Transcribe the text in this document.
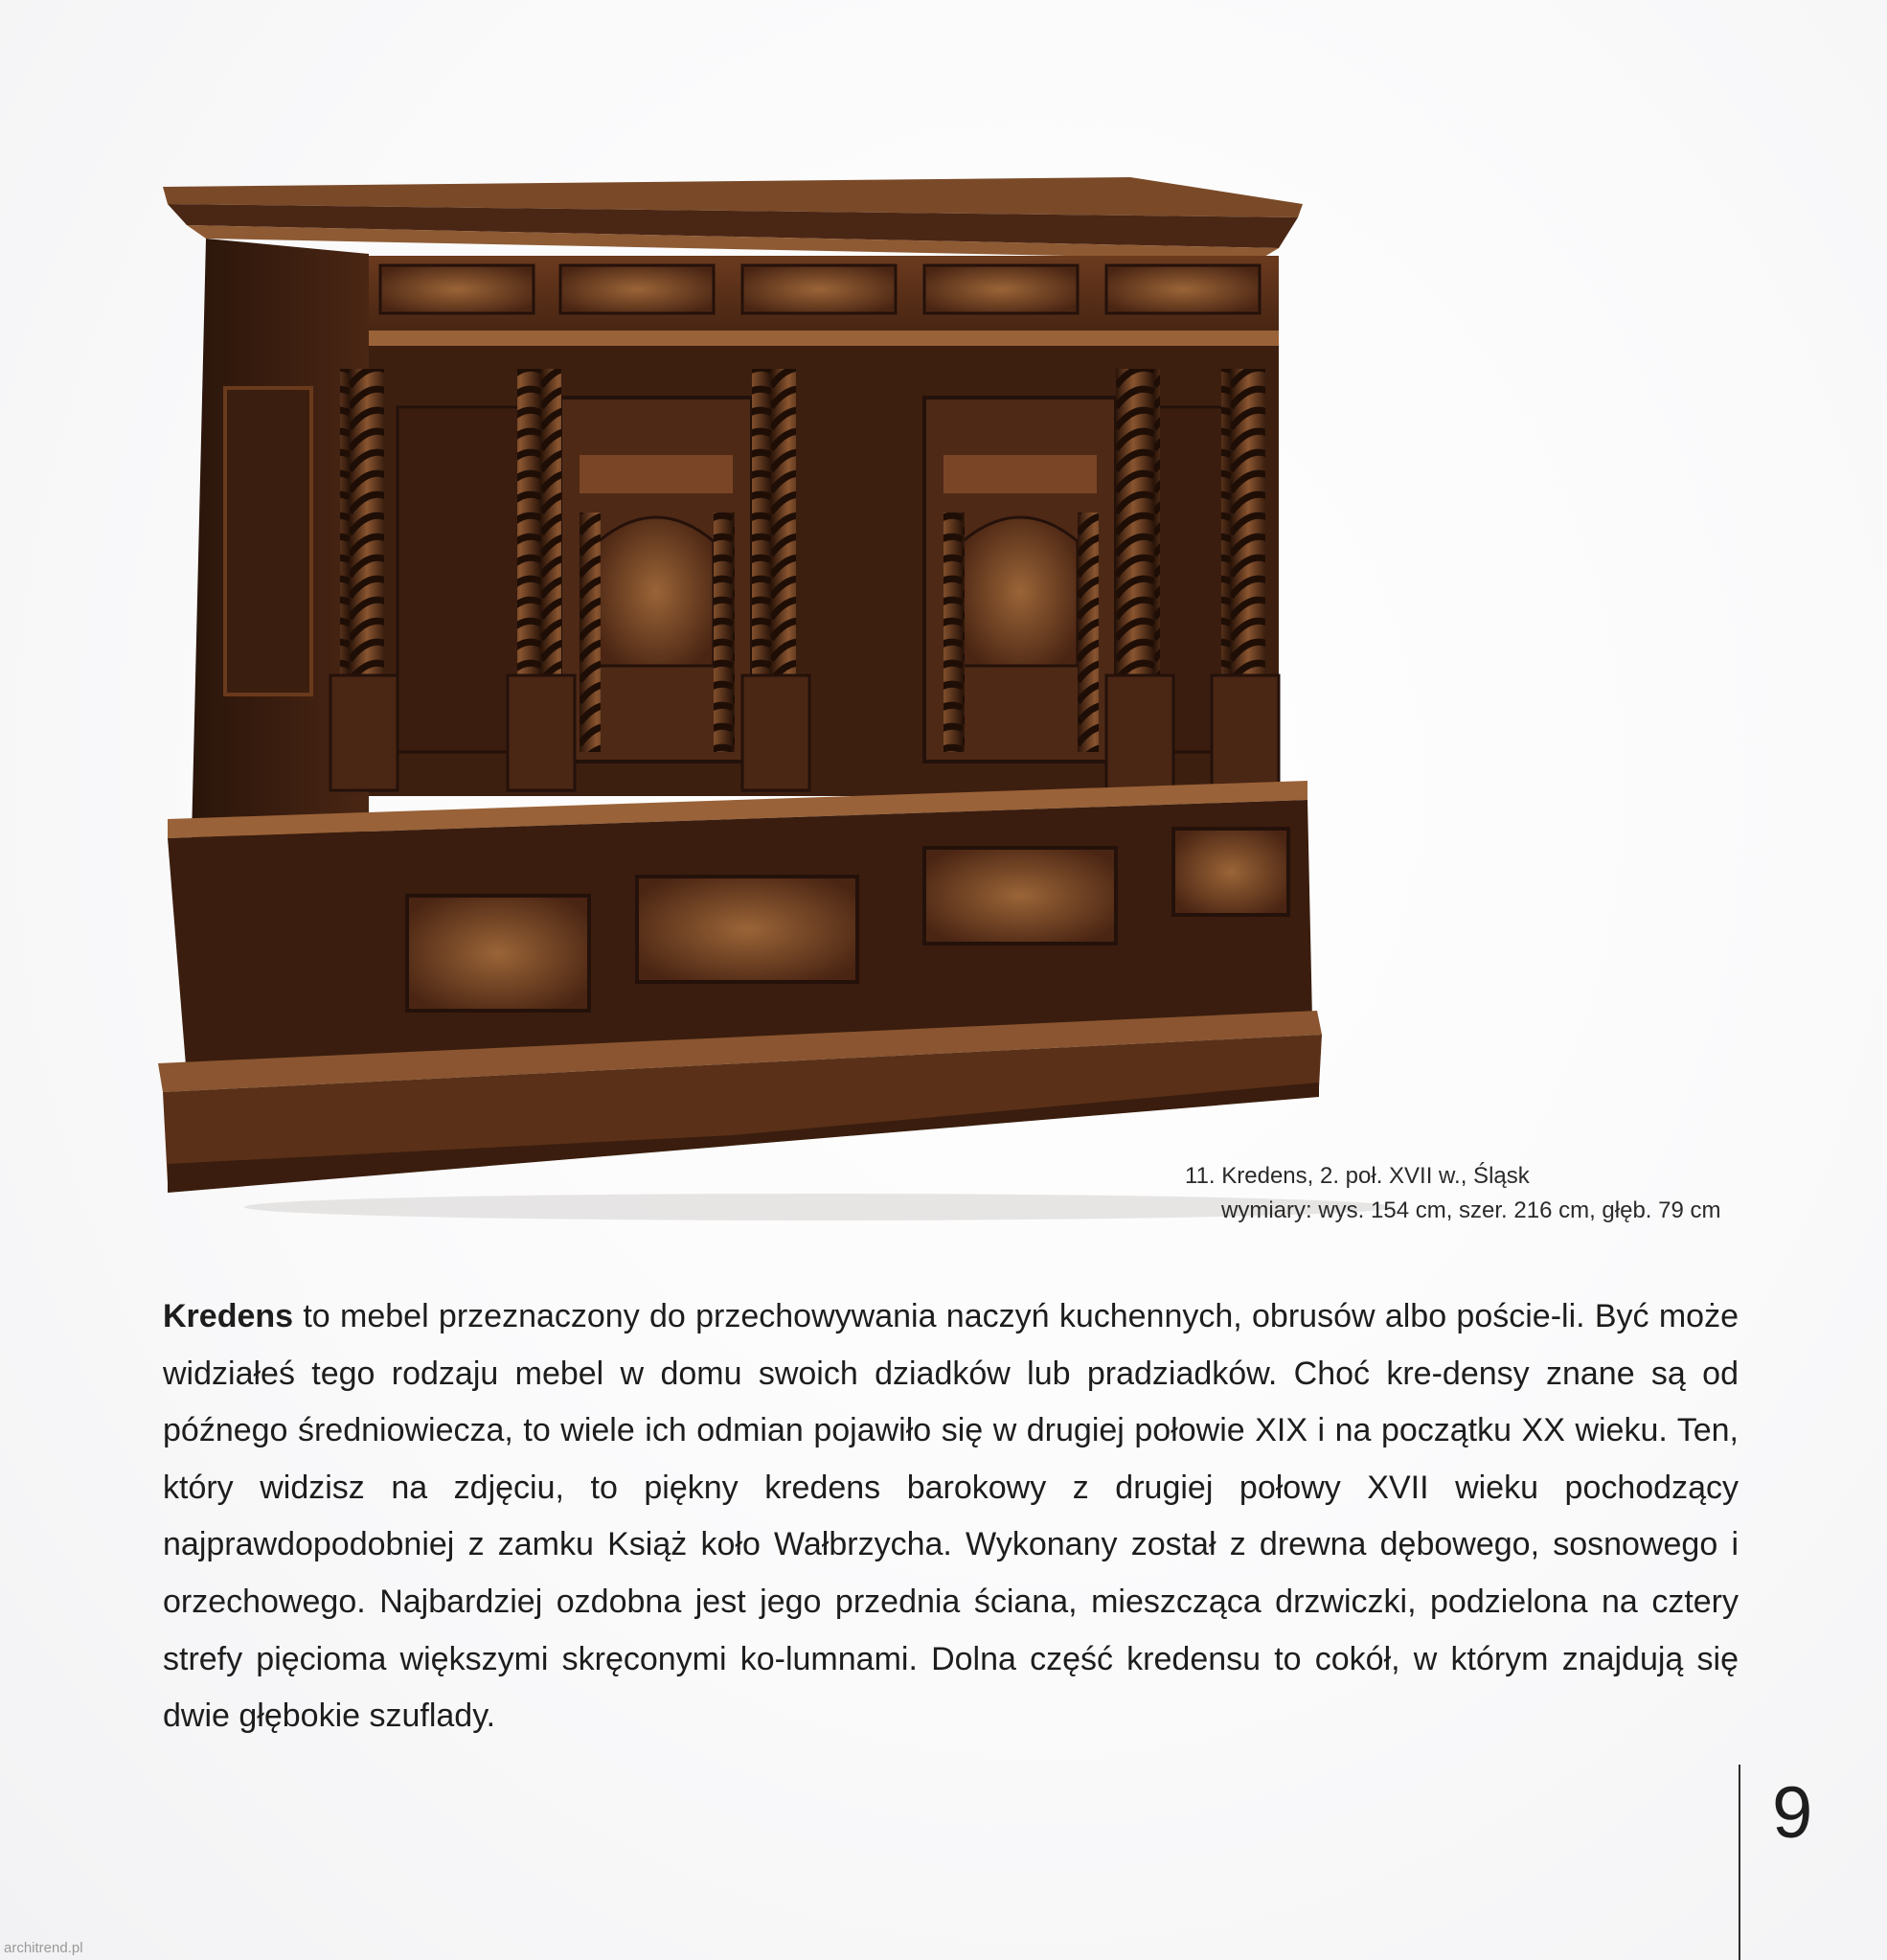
11. Kredens, 2. poł. XVII w., Śląsk
wymiary: wys. 154 cm, szer. 216 cm, głęb. 79 cm
Kredens to mebel przeznaczony do przechowywania naczyń kuchennych, obrusów albo poście-li. Być może widziałeś tego rodzaju mebel w domu swoich dziadków lub pradziadków. Choć kre-densy znane są od późnego średniowiecza, to wiele ich odmian pojawiło się w drugiej połowie XIX i na początku XX wieku. Ten, który widzisz na zdjęciu, to piękny kredens barokowy z drugiej połowy XVII wieku pochodzący najprawdopodobniej z zamku Książ koło Wałbrzycha. Wykonany został z drewna dębowego, sosnowego i orzechowego. Najbardziej ozdobna jest jego przednia ściana, mieszcząca drzwiczki, podzielona na cztery strefy pięcioma większymi skręconymi ko-lumnami. Dolna część kredensu to cokół, w którym znajdują się dwie głębokie szuflady.
9
architrend.pl
